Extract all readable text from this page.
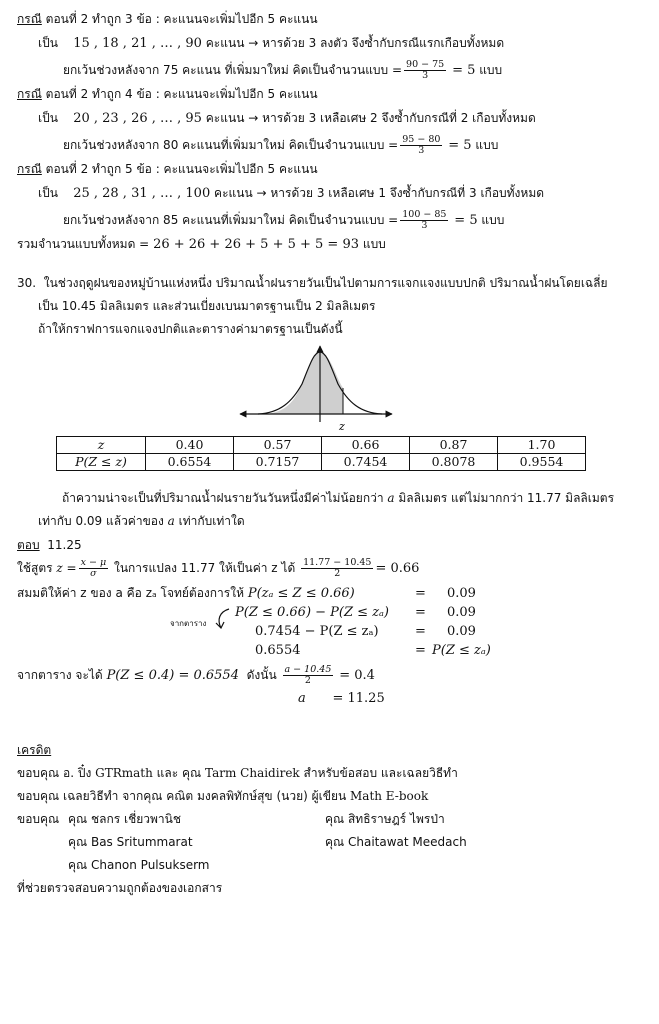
กรณี ตอนที่ 2 ทำถูก 3 ข้อ : คะแนนจะเพิ่มไปอีก 5 คะแนน
เป็น 15 , 18 , 21 , … , 90 คะแนน → หารด้วย 3 ลงตัว จึงซ้ำกับกรณีแรกเกือบทั้งหมด
ยกเว้นช่วงหลังจาก 75 คะแนน ที่เพิ่มมาใหม่ คิดเป็นจำนวนแบบ = $\frac{90 - 75}{3} = 5$ แบบ
กรณี ตอนที่ 2 ทำถูก 4 ข้อ : คะแนนจะเพิ่มไปอีก 5 คะแนน
เป็น 20 , 23 , 26 , … , 95 คะแนน → หารด้วย 3 เหลือเศษ 2 จึงซ้ำกับกรณีที่ 2 เกือบทั้งหมด
ยกเว้นช่วงหลังจาก 80 คะแนนที่เพิ่มมาใหม่ คิดเป็นจำนวนแบบ = $\frac{95 - 80}{3} = 5$ แบบ
กรณี ตอนที่ 2 ทำถูก 5 ข้อ : คะแนนจะเพิ่มไปอีก 5 คะแนน
เป็น 25 , 28 , 31 , … , 100 คะแนน → หารด้วย 3 เหลือเศษ 1 จึงซ้ำกับกรณีที่ 3 เกือบทั้งหมด
ยกเว้นช่วงหลังจาก 85 คะแนนที่เพิ่มมาใหม่ คิดเป็นจำนวนแบบ = $\frac{100 - 85}{3} = 5$ แบบ
รวมจำนวนแบบทั้งหมด = 26 + 26 + 26 + 5 + 5 + 5 = 93 แบบ
30. ในช่วงฤดูฝนของหมู่บ้านแห่งหนึ่ง ปริมาณน้ำฝนรายวันเป็นไปตามการแจกแจงแบบปกติ ปริมาณน้ำฝนโดยเฉลี่ย
เป็น 10.45 มิลลิเมตร และส่วนเบี่ยงเบนมาตรฐานเป็น 2 มิลลิเมตร
ถ้าให้กราฟการแจกแจงปกติและตารางค่ามาตรฐานเป็นดังนี้
z
z	0.40	0.57	0.66	0.87	1.70
P(Z ≤ z)	0.6554	0.7157	0.7454	0.8078	0.9554
ถ้าความน่าจะเป็นที่ปริมาณน้ำฝนรายวันวันหนึ่งมีค่าไม่น้อยกว่า a มิลลิเมตร แต่ไม่มากกว่า 11.77 มิลลิเมตร
เท่ากับ 0.09 แล้วค่าของ a เท่ากับเท่าใด
ตอบ 11.25
ใช้สูตร $z = \frac{x - \mu}{\sigma}$ ในการแปลง 11.77 ให้เป็นค่า z ได้ $\frac{11.77 - 10.45}{2} = 0.66$
สมมติให้ค่า z ของ a คือ zₐ โจทย์ต้องการให้ P(zₐ ≤ Z ≤ 0.66)	= 0.09
จากตาราง
P(Z ≤ 0.66) − P(Z ≤ zₐ) = 0.09
0.7454 − P(Z ≤ zₐ)	= 0.09
0.6554	= P(Z ≤ zₐ)
จากตาราง จะได้ P(Z ≤ 0.4) = 0.6554 ดังนั้น $\frac{a - 10.45}{2} = 0.4$
a = 11.25
เครดิต
ขอบคุณ อ. ปิ๋ง GTRmath และ คุณ Tarm Chaidirek สำหรับข้อสอบ และเฉลยวิธีทำ
ขอบคุณ เฉลยวิธีทำ จากคุณ คณิต มงคลพิทักษ์สุข (นวย) ผู้เขียน Math E-book
ขอบคุณ คุณ ชลกร เชี่ยวพานิช	คุณ สิทธิราษฎร์ ไพรป่า
คุณ Bas Sritummarat	คุณ Chaitawat Meedach
คุณ Chanon Pulsukserm
ที่ช่วยตรวจสอบความถูกต้องของเอกสาร
